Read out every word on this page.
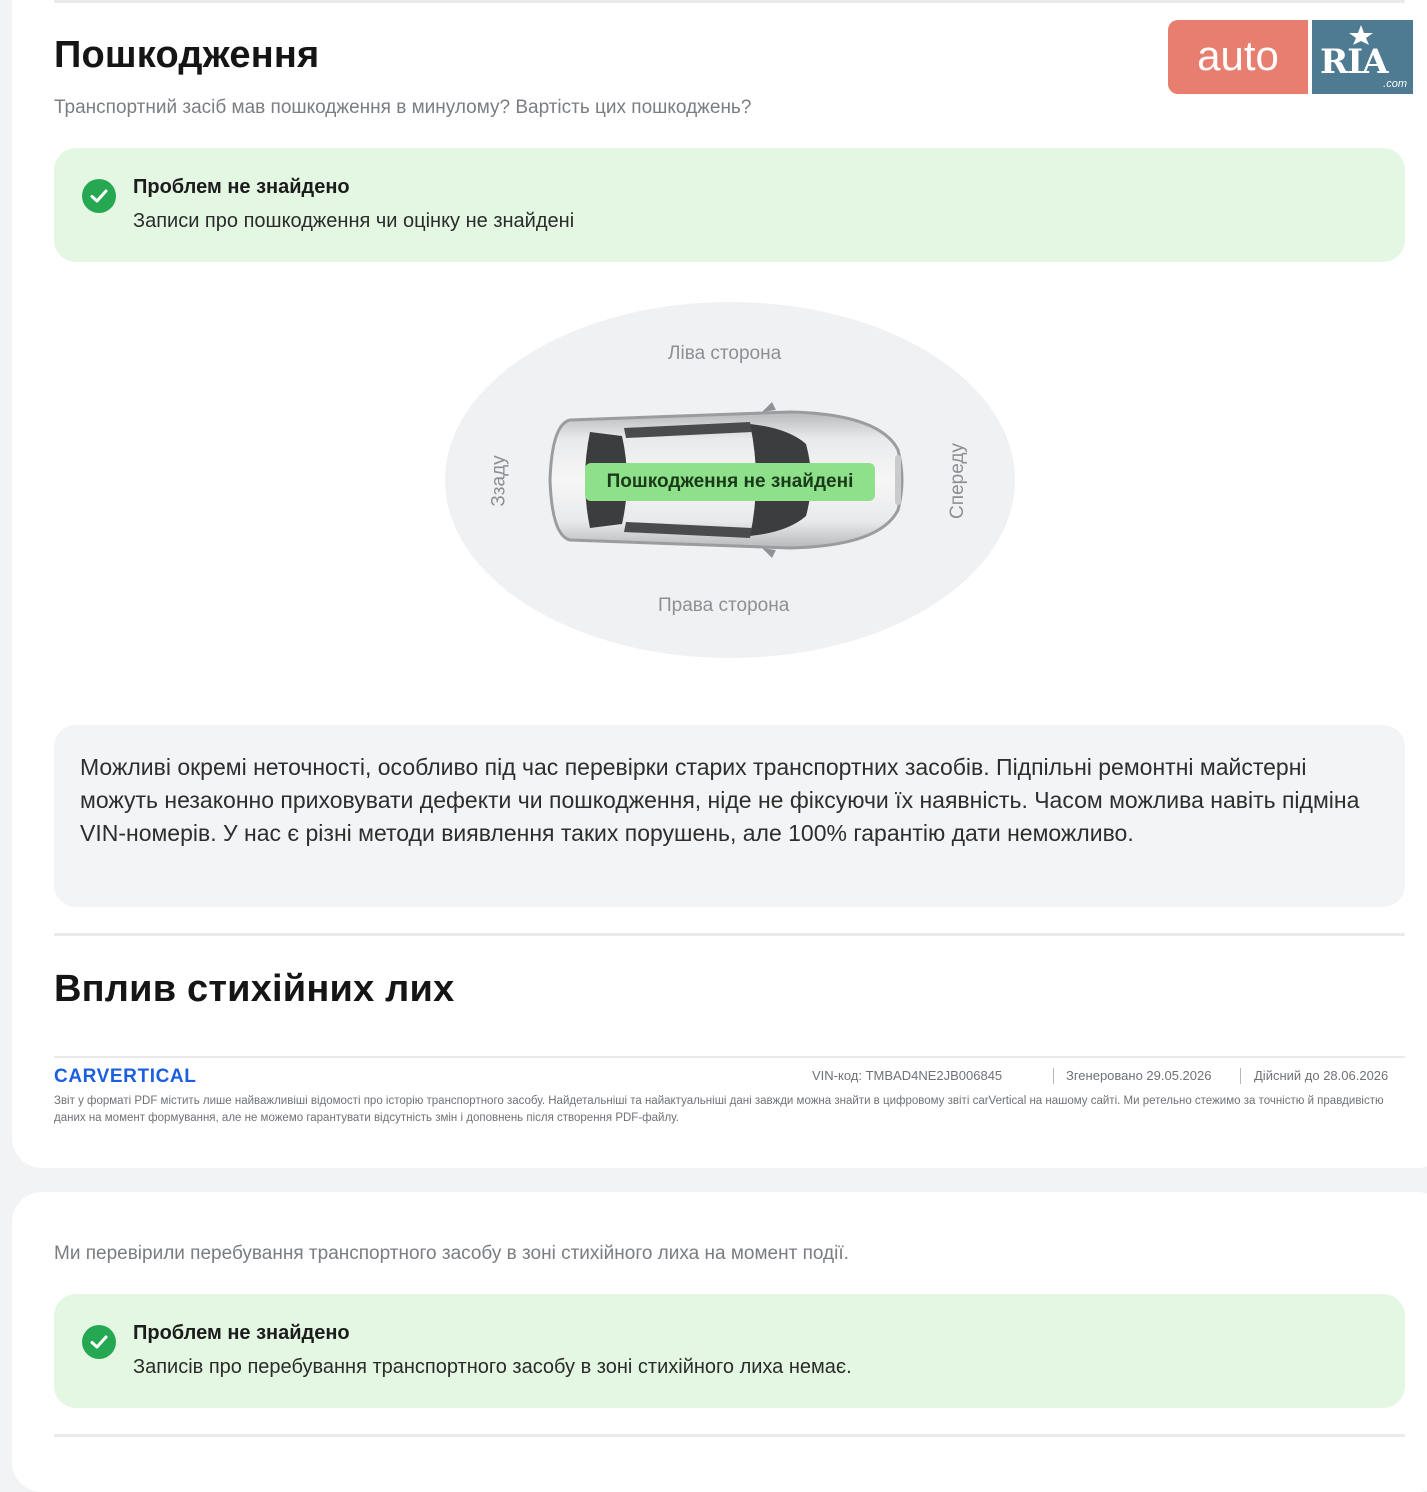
Пошкодження
Транспортний засіб мав пошкодження в минулому? Вартість цих пошкоджень?
Проблем не знайдено
Записи про пошкодження чи оцінку не знайдені
Ліва сторона
Права сторона
Ззаду	Спереду
Пошкодження не знайдені

Можливі окремі неточності, особливо під час перевірки старих транспортних засобів. Підпільні ремонтні майстерні можуть незаконно приховувати дефекти чи пошкодження, ніде не фіксуючи їх наявність. Часом можлива навіть підміна VIN-номерів. У нас є різні методи виявлення таких порушень, але 100% гарантію дати неможливо.

Вплив стихійних лих
CARVERTICAL	VIN-код: TMBAD4NE2JB006845	Згенеровано 29.05.2026	Дійсний до 28.06.2026
Звіт у форматі PDF містить лише найважливіші відомості про історію транспортного засобу. Найдетальніші та найактуальніші дані завжди можна знайти в цифровому звіті carVertical на нашому сайті. Ми ретельно стежимо за точністю й правдивістю даних на момент формування, але не можемо гарантувати відсутність змін і доповнень після створення PDF-файлу.
Ми перевірили перебування транспортного засобу в зоні стихійного лиха на момент події.
Проблем не знайдено
Записів про перебування транспортного засобу в зоні стихійного лиха немає.
auto	RIA
.com
